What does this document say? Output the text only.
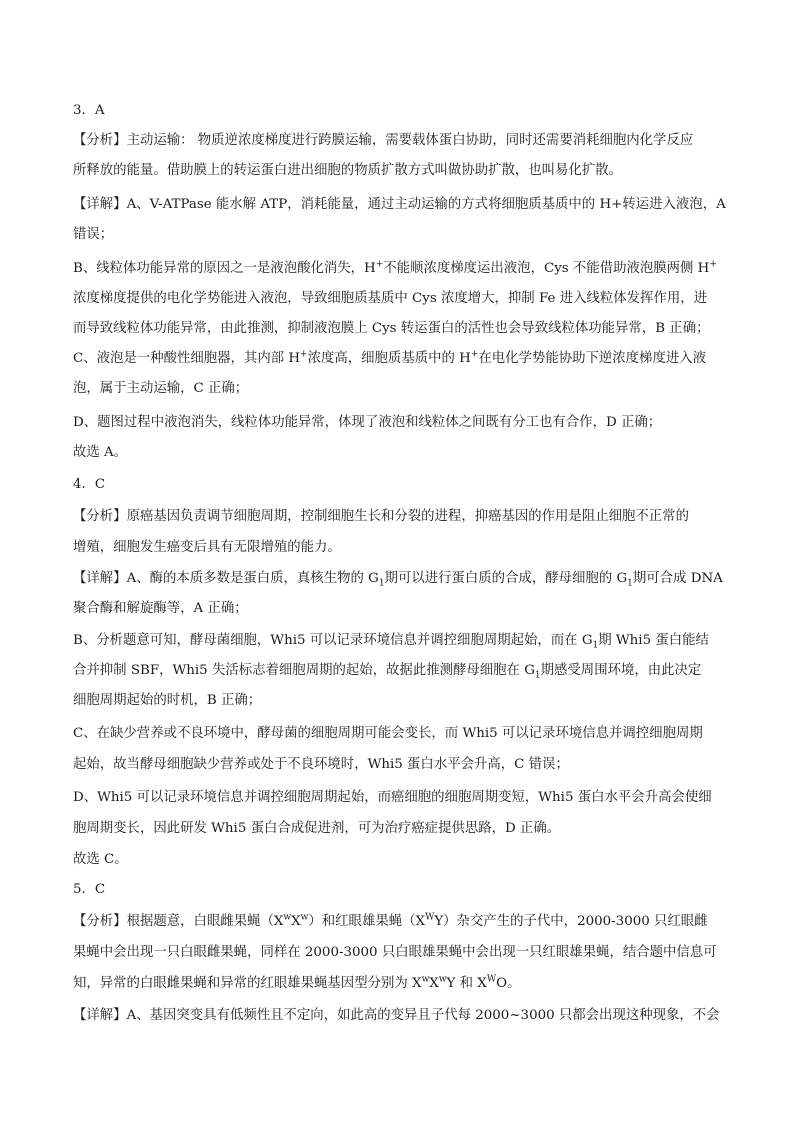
3．A
【分析】主动运输： 物质逆浓度梯度进行跨膜运输，需要载体蛋白协助，同时还需要消耗细胞内化学反应
所释放的能量。借助膜上的转运蛋白进出细胞的物质扩散方式叫做协助扩散，也叫易化扩散。
【详解】A、V-ATPase 能水解 ATP，消耗能量，通过主动运输的方式将细胞质基质中的 H+转运进入液泡，A
错误；
B、线粒体功能异常的原因之一是液泡酸化消失，H+不能顺浓度梯度运出液泡，Cys 不能借助液泡膜两侧 H+
浓度梯度提供的电化学势能进入液泡，导致细胞质基质中 Cys 浓度增大，抑制 Fe 进入线粒体发挥作用，进
而导致线粒体功能异常，由此推测，抑制液泡膜上 Cys 转运蛋白的活性也会导致线粒体功能异常，B 正确；
C、液泡是一种酸性细胞器，其内部 H+浓度高，细胞质基质中的 H+在电化学势能协助下逆浓度梯度进入液
泡，属于主动运输，C 正确；
D、题图过程中液泡消失，线粒体功能异常，体现了液泡和线粒体之间既有分工也有合作，D 正确；
故选 A。
4．C
【分析】原癌基因负责调节细胞周期，控制细胞生长和分裂的进程，抑癌基因的作用是阻止细胞不正常的
增殖，细胞发生癌变后具有无限增殖的能力。
【详解】A、酶的本质多数是蛋白质，真核生物的 $G_1$期可以进行蛋白质的合成，酵母细胞的 $G_1$期可合成 DNA
聚合酶和解旋酶等，A 正确；
B、分析题意可知，酵母菌细胞，Whi5 可以记录环境信息并调控细胞周期起始，而在 $G_1$期 Whi5 蛋白能结
合并抑制 SBF，Whi5 失活标志着细胞周期的起始，故据此推测酵母细胞在 $G_1$期感受周围环境，由此决定
细胞周期起始的时机，B 正确；
C、在缺少营养或不良环境中，酵母菌的细胞周期可能会变长，而 Whi5 可以记录环境信息并调控细胞周期
起始，故当酵母细胞缺少营养或处于不良环境时，Whi5 蛋白水平会升高，C 错误；
D、Whi5 可以记录环境信息并调控细胞周期起始，而癌细胞的细胞周期变短，Whi5 蛋白水平会升高会使细
胞周期变长，因此研发 Whi5 蛋白合成促进剂，可为治疗癌症提供思路，D 正确。
故选 C。
5．C
【分析】根据题意，白眼雌果蝇$(X^wX^w)$和红眼雄果蝇$(X^WY)$杂交产生的子代中，2000-3000 只红眼雌
果蝇中会出现一只白眼雌果蝇，同样在 2000-3000 只白眼雄果蝇中会出现一只红眼雄果蝇，结合题中信息可
知，异常的白眼雌果蝇和异常的红眼雄果蝇基因型分别为 $X^wX^wY$ 和 $X^WO$。
【详解】A、基因突变具有低频性且不定向，如此高的变异且子代每 2000~3000 只都会出现这种现象，不会
